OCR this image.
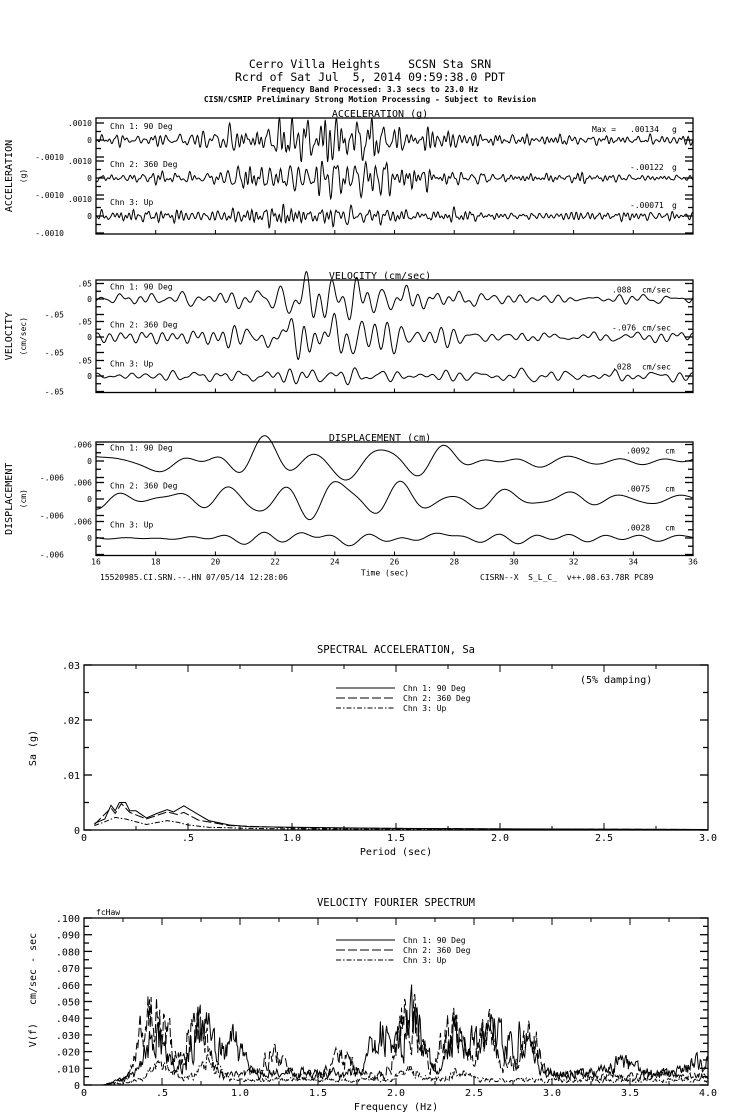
Cerro Villa Heights    SCSN Sta SRN
Rcrd of Sat Jul  5, 2014 09:59:38.0 PDT
Frequency Band Processed: 3.3 secs to 23.0 Hz
CISN/CSMIP Preliminary Strong Motion Processing - Subject to Revision
ACCELERATION (g)
ACCELERATION (g)
.0010
0
-.0010
Chn 1: 90 Deg	Max = .00134 g
.0010
0
-.0010
Chn 2: 360 Deg	-.00122 g
.0010
0
-.0010
Chn 3: Up	-.00071 g
VELOCITY (cm/sec)
VELOCITY (cm/sec)
.05
0
-.05
Chn 1: 90 Deg	.088 cm/sec
.05
0
-.05
Chn 2: 360 Deg	-.076 cm/sec
.05
0
-.05
Chn 3: Up	.028 cm/sec
DISPLACEMENT (cm)
DISPLACEMENT (cm)
.006
0
-.006
Chn 1: 90 Deg	.0092 cm
.006
0
-.006
Chn 2: 360 Deg	.0075 cm
.006
0
-.006
Chn 3: Up	.0028 cm
16	18	20	22	24	26	28	30	32	34	36
Time (sec)
15520985.CI.SRN.--.HN 07/05/14 12:28:06	CISRN--X  S_L_C_  v++.08.63.78R PC89
SPECTRAL ACCELERATION, Sa
0
.01
.02
.03
0	.5	1.0	1.5	2.0	2.5	3.0
Period (sec)
Chn 1: 90 Deg
Chn 2: 360 Deg
Chn 3: Up
Sa (g)
(5% damping)
VELOCITY FOURIER SPECTRUM
0
.010
.020
.030
.040
.050
.060
.070
.080
.090
.100
0	.5	1.0	1.5	2.0	2.5	3.0	3.5	4.0
Frequency (Hz)
Chn 1: 90 Deg
Chn 2: 360 Deg
Chn 3: Up
V(f)   cm/sec - sec
fcHaw
